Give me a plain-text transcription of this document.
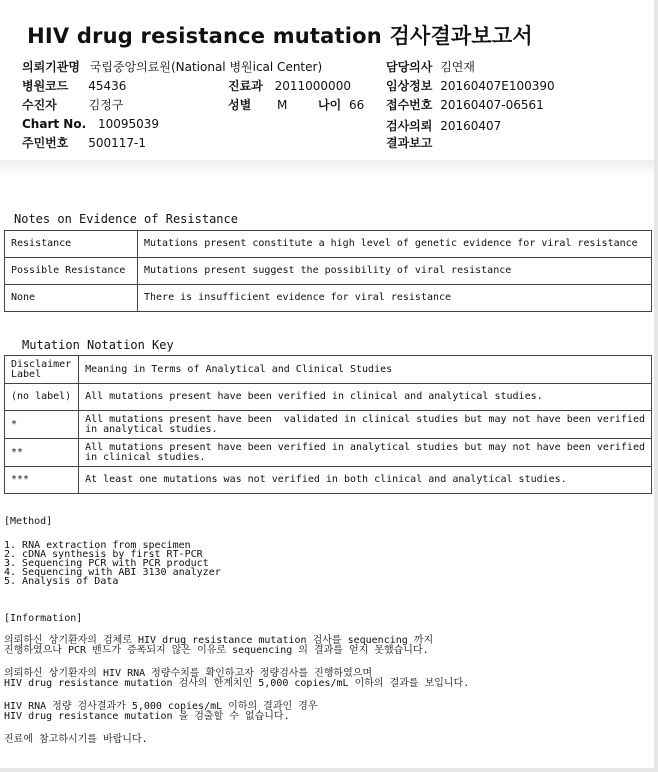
HIV drug resistance mutation 검사결과보고서
의뢰기관명 국립중앙의료원(National 병원ical Center)	담당의사 김연재
병원코드 45436	진료과 2011000000	임상정보 20160407E100390
수진자	김정구	성별 M	나이 66 접수번호 20160407-06561
Chart No. 10095039	검사의뢰 20160407
주민번호 500117-1	결과보고
Notes on Evidence of Resistance
Resistance	Mutations present constitute a high level of genetic evidence for viral resistance
Possible Resistance	Mutations present suggest the possibility of viral resistance
None	There is insufficient evidence for viral resistance
Mutation Notation Key
Disclaimer Label	Meaning in Terms of Analytical and Clinical Studies
(no label)	All mutations present have been verified in clinical and analytical studies.
*	All mutations present have been  validated in clinical studies but may not have been verified
in analytical studies.
**	All mutations present have been verified in analytical studies but may not have been verified
in clinical studies.
***	At least one mutations was not verified in both clinical and analytical studies.
[Method]
1. RNA extraction from specimen
2. cDNA synthesis by first RT-PCR
3. Sequencing PCR with PCR product
4. Sequencing with ABI 3130 analyzer
5. Analysis of Data
[Information]
의뢰하신 상기환자의 검체로 HIV drug resistance mutation 검사를 sequencing 까지
진행하였으나 PCR 밴드가 증폭되지 않은 이유로 sequencing 의 결과를 얻지 못했습니다.
의뢰하신 상기환자의 HIV RNA 정량수치를 확인하고자 정량검사를 진행하였으며
HIV drug resistance mutation 검사의 한계치인 5,000 copies/mL 이하의 결과를 보입니다.
HIV RNA 정량 검사결과가 5,000 copies/mL 이하의 결과인 경우
HIV drug resistance mutation 을 검출할 수 없습니다.
진료에 참고하시기를 바랍니다.
